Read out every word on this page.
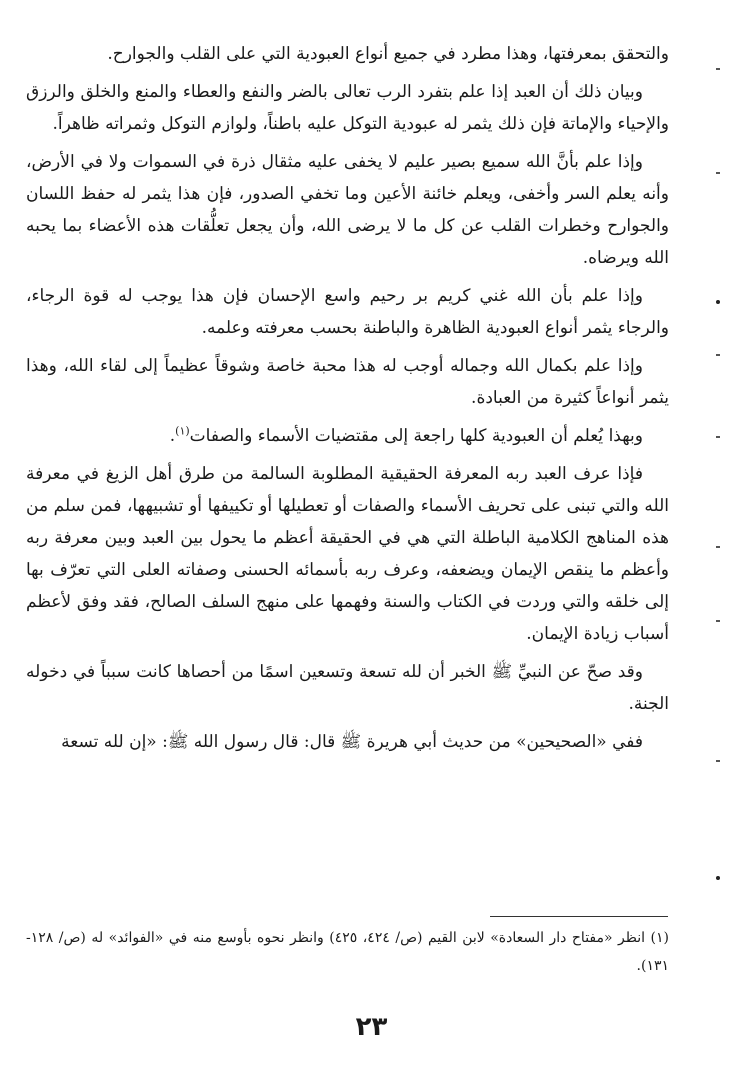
والتحقق بمعرفتها، وهذا مطرد في جميع أنواع العبودية التي على القلب والجوارح.

وبيان ذلك أن العبد إذا علم بتفرد الرب تعالى بالضر والنفع والعطاء والمنع والخلق والرزق والإحياء والإماتة فإن ذلك يثمر له عبودية التوكل عليه باطناً، ولوازم التوكل وثمراته ظاهراً.

وإذا علم بأنَّ الله سميع بصير عليم لا يخفى عليه مثقال ذرة في السموات ولا في الأرض، وأنه يعلم السر وأخفى، ويعلم خائنة الأعين وما تخفي الصدور، فإن هذا يثمر له حفظ اللسان والجوارح وخطرات القلب عن كل ما لا يرضى الله، وأن يجعل تعلُّقات هذه الأعضاء بما يحبه الله ويرضاه.

وإذا علم بأن الله غني كريم بر رحيم واسع الإحسان فإن هذا يوجب له قوة الرجاء، والرجاء يثمر أنواع العبودية الظاهرة والباطنة بحسب معرفته وعلمه.

وإذا علم بكمال الله وجماله أوجب له هذا محبة خاصة وشوقاً عظيماً إلى لقاء الله، وهذا يثمر أنواعاً كثيرة من العبادة.

وبهذا يُعلم أن العبودية كلها راجعة إلى مقتضيات الأسماء والصفات$^{(١)}$.

فإذا عرف العبد ربه المعرفة الحقيقية المطلوبة السالمة من طرق أهل الزيغ في معرفة الله والتي تبنى على تحريف الأسماء والصفات أو تعطيلها أو تكييفها أو تشبيهها، فمن سلم من هذه المناهج الكلامية الباطلة التي هي في الحقيقة أعظم ما يحول بين العبد وبين معرفة ربه وأعظم ما ينقص الإيمان ويضعفه، وعرف ربه بأسمائه الحسنى وصفاته العلى التي تعرّف بها إلى خلقه والتي وردت في الكتاب والسنة وفهمها على منهج السلف الصالح، فقد وفق لأعظم أسباب زيادة الإيمان.

وقد صحّ عن النبيِّ ﷺ الخبر أن لله تسعة وتسعين اسمًا من أحصاها كانت سبباً في دخوله الجنة.

ففي «الصحيحين» من حديث أبي هريرة ﷺ قال: قال رسول الله ﷺ: «إن لله تسعة

(١) انظر «مفتاح دار السعادة» لابن القيم (ص/ ٤٢٤، ٤٢٥) وانظر نحوه بأوسع منه في «الفوائد» له (ص/ ١٢٨- ١٣١).
٢٣
